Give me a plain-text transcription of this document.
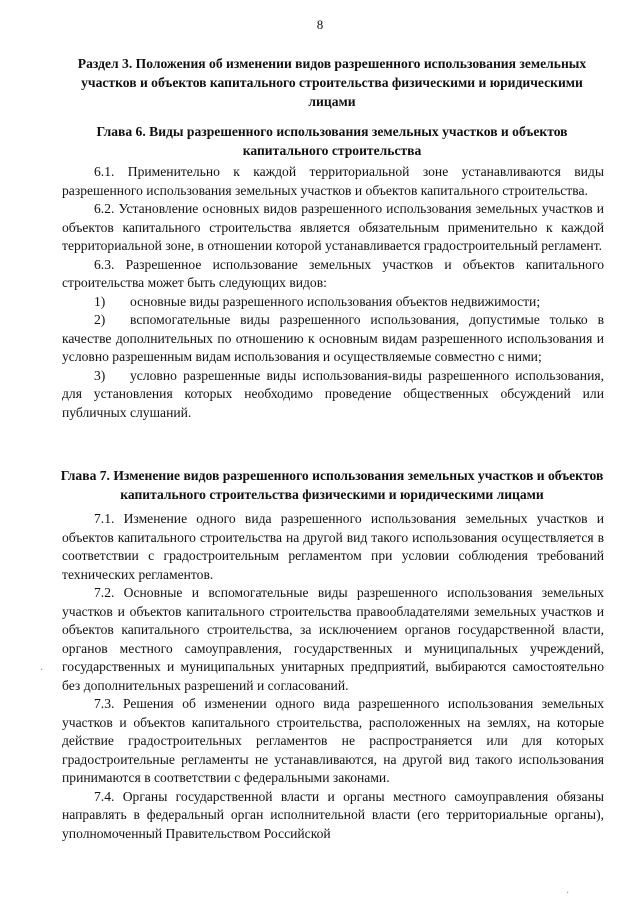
8
Раздел 3. Положения об изменении видов разрешенного использования земельных участков и объектов капитального строительства физическими и юридическими лицами
Глава 6. Виды разрешенного использования земельных участков и объектов капитального строительства

6.1. Применительно к каждой территориальной зоне устанавливаются виды разрешенного использования земельных участков и объектов капитального строительства.

6.2. Установление основных видов разрешенного использования земельных участков и объектов капитального строительства является обязательным применительно к каждой территориальной зоне, в отношении которой устанавливается градостроительный регламент.

6.3. Разрешенное использование земельных участков и объектов капитального строительства может быть следующих видов:

1) основные виды разрешенного использования объектов недвижимости;

2) вспомогательные виды разрешенного использования, допустимые только в качестве дополнительных по отношению к основным видам разрешенного использования и условно разрешенным видам использования и осуществляемые совместно с ними;

3) условно разрешенные виды использования-виды разрешенного использования, для установления которых необходимо проведение общественных обсуждений или публичных слушаний.

Глава 7. Изменение видов разрешенного использования земельных участков и объектов капитального строительства физическими и юридическими лицами

7.1. Изменение одного вида разрешенного использования земельных участков и объектов капитального строительства на другой вид такого использования осуществляется в соответствии с градостроительным регламентом при условии соблюдения требований технических регламентов.

7.2. Основные и вспомогательные виды разрешенного использования земельных участков и объектов капитального строительства правообладателями земельных участков и объектов капитального строительства, за исключением органов государственной власти, органов местного самоуправления, государственных и муниципальных учреждений, государственных и муниципальных унитарных предприятий, выбираются самостоятельно без дополнительных разрешений и согласований.

7.3. Решения об изменении одного вида разрешенного использования земельных участков и объектов капитального строительства, расположенных на землях, на которые действие градостроительных регламентов не распространяется или для которых градостроительные регламенты не устанавливаются, на другой вид такого использования принимаются в соответствии с федеральными законами.

7.4. Органы государственной власти и органы местного самоуправления обязаны направлять в федеральный орган исполнительной власти (его территориальные органы), уполномоченный Правительством Российской

·
·
